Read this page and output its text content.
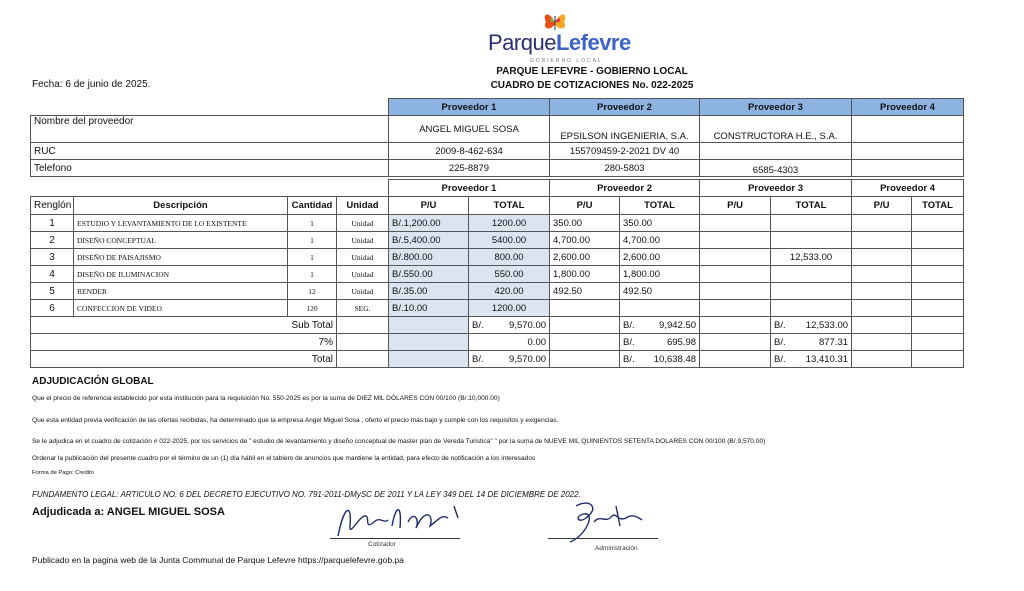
ParqueLefevre
GOBIERNO LOCAL
PARQUE LEFEVRE - GOBIERNO LOCAL
CUADRO DE COTIZACIONES No. 022-2025
Fecha: 6 de junio de 2025.
	Proveedor 1	Proveedor 2	Proveedor 3	Proveedor 4
Nombre del proveedor	ANGEL MIGUEL SOSA	EPSILSON INGENIERIA, S.A.	CONSTRUCTORA H.E., S.A.	
RUC	2009-8-462-634	155709459-2-2021 DV 40		
Telefono	225-8879	280-5803	6585-4303	
				Proveedor 1		Proveedor 2		Proveedor 3		Proveedor 4	
Renglón	Descripción	Cantidad	Unidad	P/U	TOTAL	P/U	TOTAL	P/U	TOTAL	P/U	TOTAL
1	ESTUDIO Y LEVANTAMIENTO DE LO EXISTENTE	1	Unidad	B/.1,200.00	1200.00	350.00	350.00				
2	DISEÑO CONCEPTUAL	1	Unidad	B/.5,400.00	5400.00	4,700.00	4,700.00				
3	DISEÑO DE PAISAJISMO	1	Unidad	B/.800.00	800.00	2,600.00	2,600.00		12,533.00		
4	DISEÑO DE ILUMINACION	1	Unidad	B/.550.00	550.00	1,800.00	1,800.00				
5	RENDER	12	Unidad	B/.35.00	420.00	492.50	492.50				
6	CONFECCION DE VIDEO	120	SEG.	B/.10.00	1200.00						
Sub Total					B/. 9,570.00		B/. 9,942.50		B/. 12,533.00		

7%					0.00		B/. 695.98		B/. 877.31		

Total					B/. 9,570.00		B/. 10,638.48		B/. 13,410.31		

ADJUDICACIÓN GLOBAL
Que el precio de referencia establecido por esta institución para la requisición No. 550-2025 es por la suma de DIEZ MIL DÓLARES CON 00/100 (B/.10,000.00)
Que esta entidad previa verificación de las ofertas recibidas, ha determinado que la empresa Angel Miguel Sosa , ofertó el precio más bajo y cumple con los requisitos y exigencias.
Se le adjudica en el cuadro de cotización # 022-2025, por los servicios de " estudio de levantamiento y diseño conceptual de master plan de Vereda Turistica" " por la suma de NUEVE MIL QUINIENTOS SETENTA DOLARES CON 00/100 (B/.9,570.00)
Ordenar la publicación del presente cuadro por el término de un (1) día hábil en el tablero de anuncios que mantiene la entidad, para efecto de notificación a los interesados
Forma de Pago: Credito
FUNDAMENTO LEGAL: ARTICULO NO. 6 DEL DECRETO EJECUTIVO NO. 791-2011-DMySC DE 2011 Y LA LEY 349 DEL 14 DE DICIEMBRE DE 2022.
Adjudicada a: ANGEL MIGUEL SOSA
Cotizador
Administración
Publicado en la pagina web de la Junta Communal de Parque Lefevre https://parquelefevre.gob.pa
